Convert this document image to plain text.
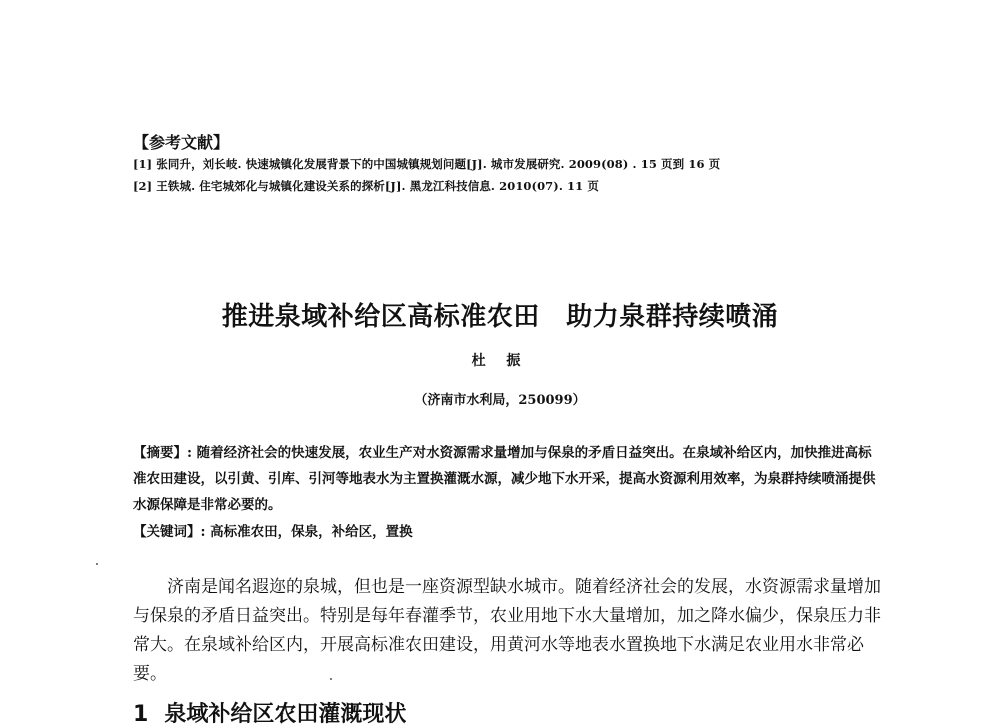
【参考文献】
[1] 张同升，刘长岐. 快速城镇化发展背景下的中国城镇规划问题[J]. 城市发展研究. 2009(08) . 15 页到 16 页
[2] 王铁城. 住宅城郊化与城镇化建设关系的探析[J]. 黑龙江科技信息. 2010(07). 11 页
推进泉域补给区高标准农田　助力泉群持续喷涌
杜 振
（济南市水利局，250099）
【摘要】: 随着经济社会的快速发展，农业生产对水资源需求量增加与保泉的矛盾日益突出。在泉域补给区内，加快推进高标准农田建设，以引黄、引库、引河等地表水为主置换灌溉水源，减少地下水开采，提高水资源利用效率，为泉群持续喷涌提供水源保障是非常必要的。
【关键词】: 高标准农田，保泉，补给区，置换
济南是闻名遐迩的泉城，但也是一座资源型缺水城市。随着经济社会的发展，水资源需求量增加与保泉的矛盾日益突出。特别是每年春灌季节，农业用地下水大量增加，加之降水偏少，保泉压力非常大。在泉域补给区内，开展高标准农田建设，用黄河水等地表水置换地下水满足农业用水非常必要。
1 泉域补给区农田灌溉现状
